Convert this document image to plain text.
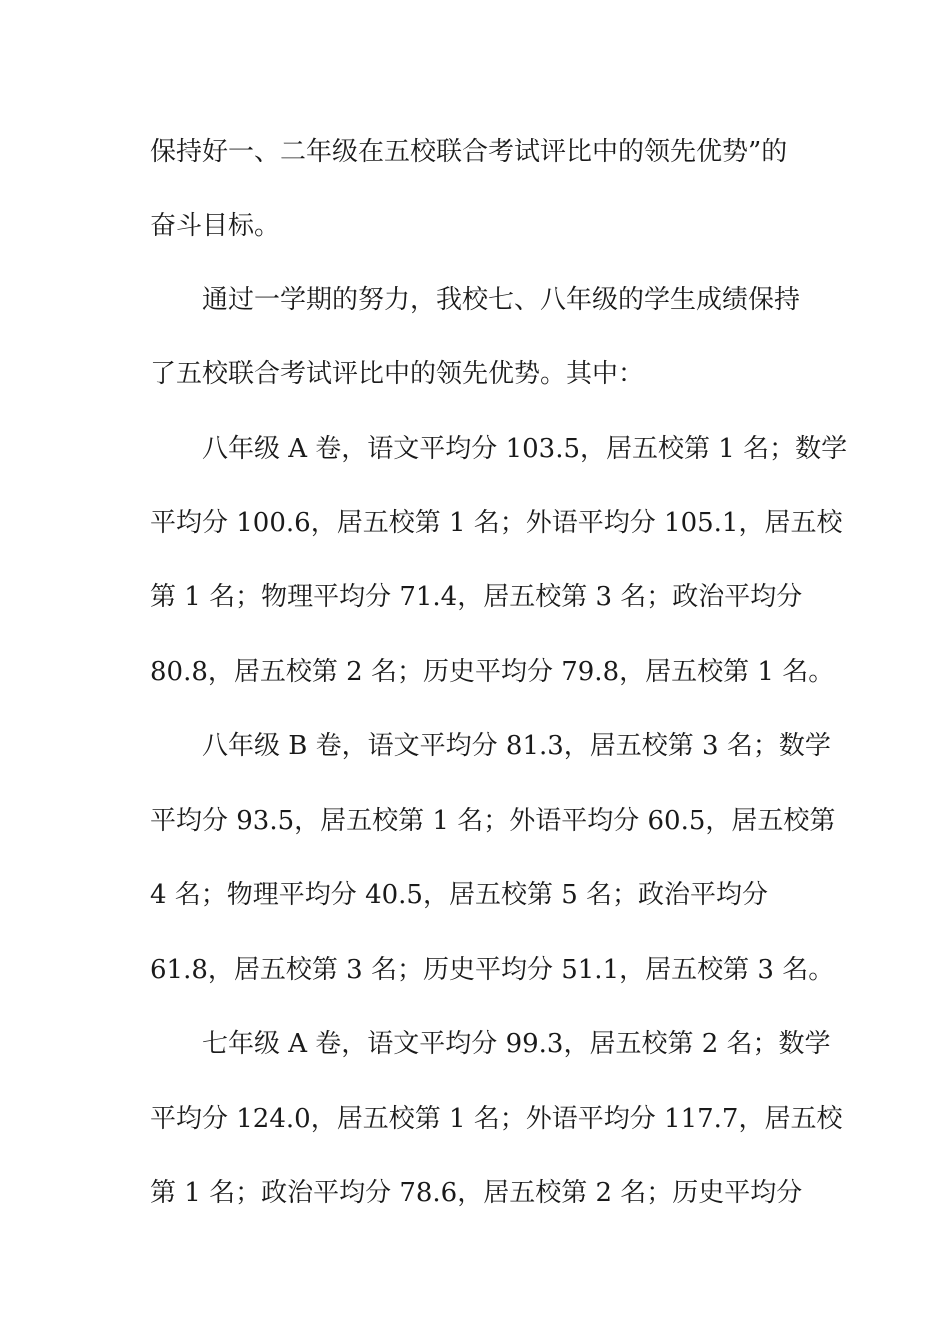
保持好一、二年级在五校联合考试评比中的领先优势”的
奋斗目标。
通过一学期的努力，我校七、八年级的学生成绩保持
了五校联合考试评比中的领先优势。其中：
八年级 A 卷，语文平均分 103.5，居五校第 1 名；数学
平均分 100.6，居五校第 1 名；外语平均分 105.1，居五校
第 1 名；物理平均分 71.4，居五校第 3 名；政治平均分
80.8，居五校第 2 名；历史平均分 79.8，居五校第 1 名。
八年级 B 卷，语文平均分 81.3，居五校第 3 名；数学
平均分 93.5，居五校第 1 名；外语平均分 60.5，居五校第
4 名；物理平均分 40.5，居五校第 5 名；政治平均分
61.8，居五校第 3 名；历史平均分 51.1，居五校第 3 名。
七年级 A 卷，语文平均分 99.3，居五校第 2 名；数学
平均分 124.0，居五校第 1 名；外语平均分 117.7，居五校
第 1 名；政治平均分 78.6，居五校第 2 名；历史平均分
